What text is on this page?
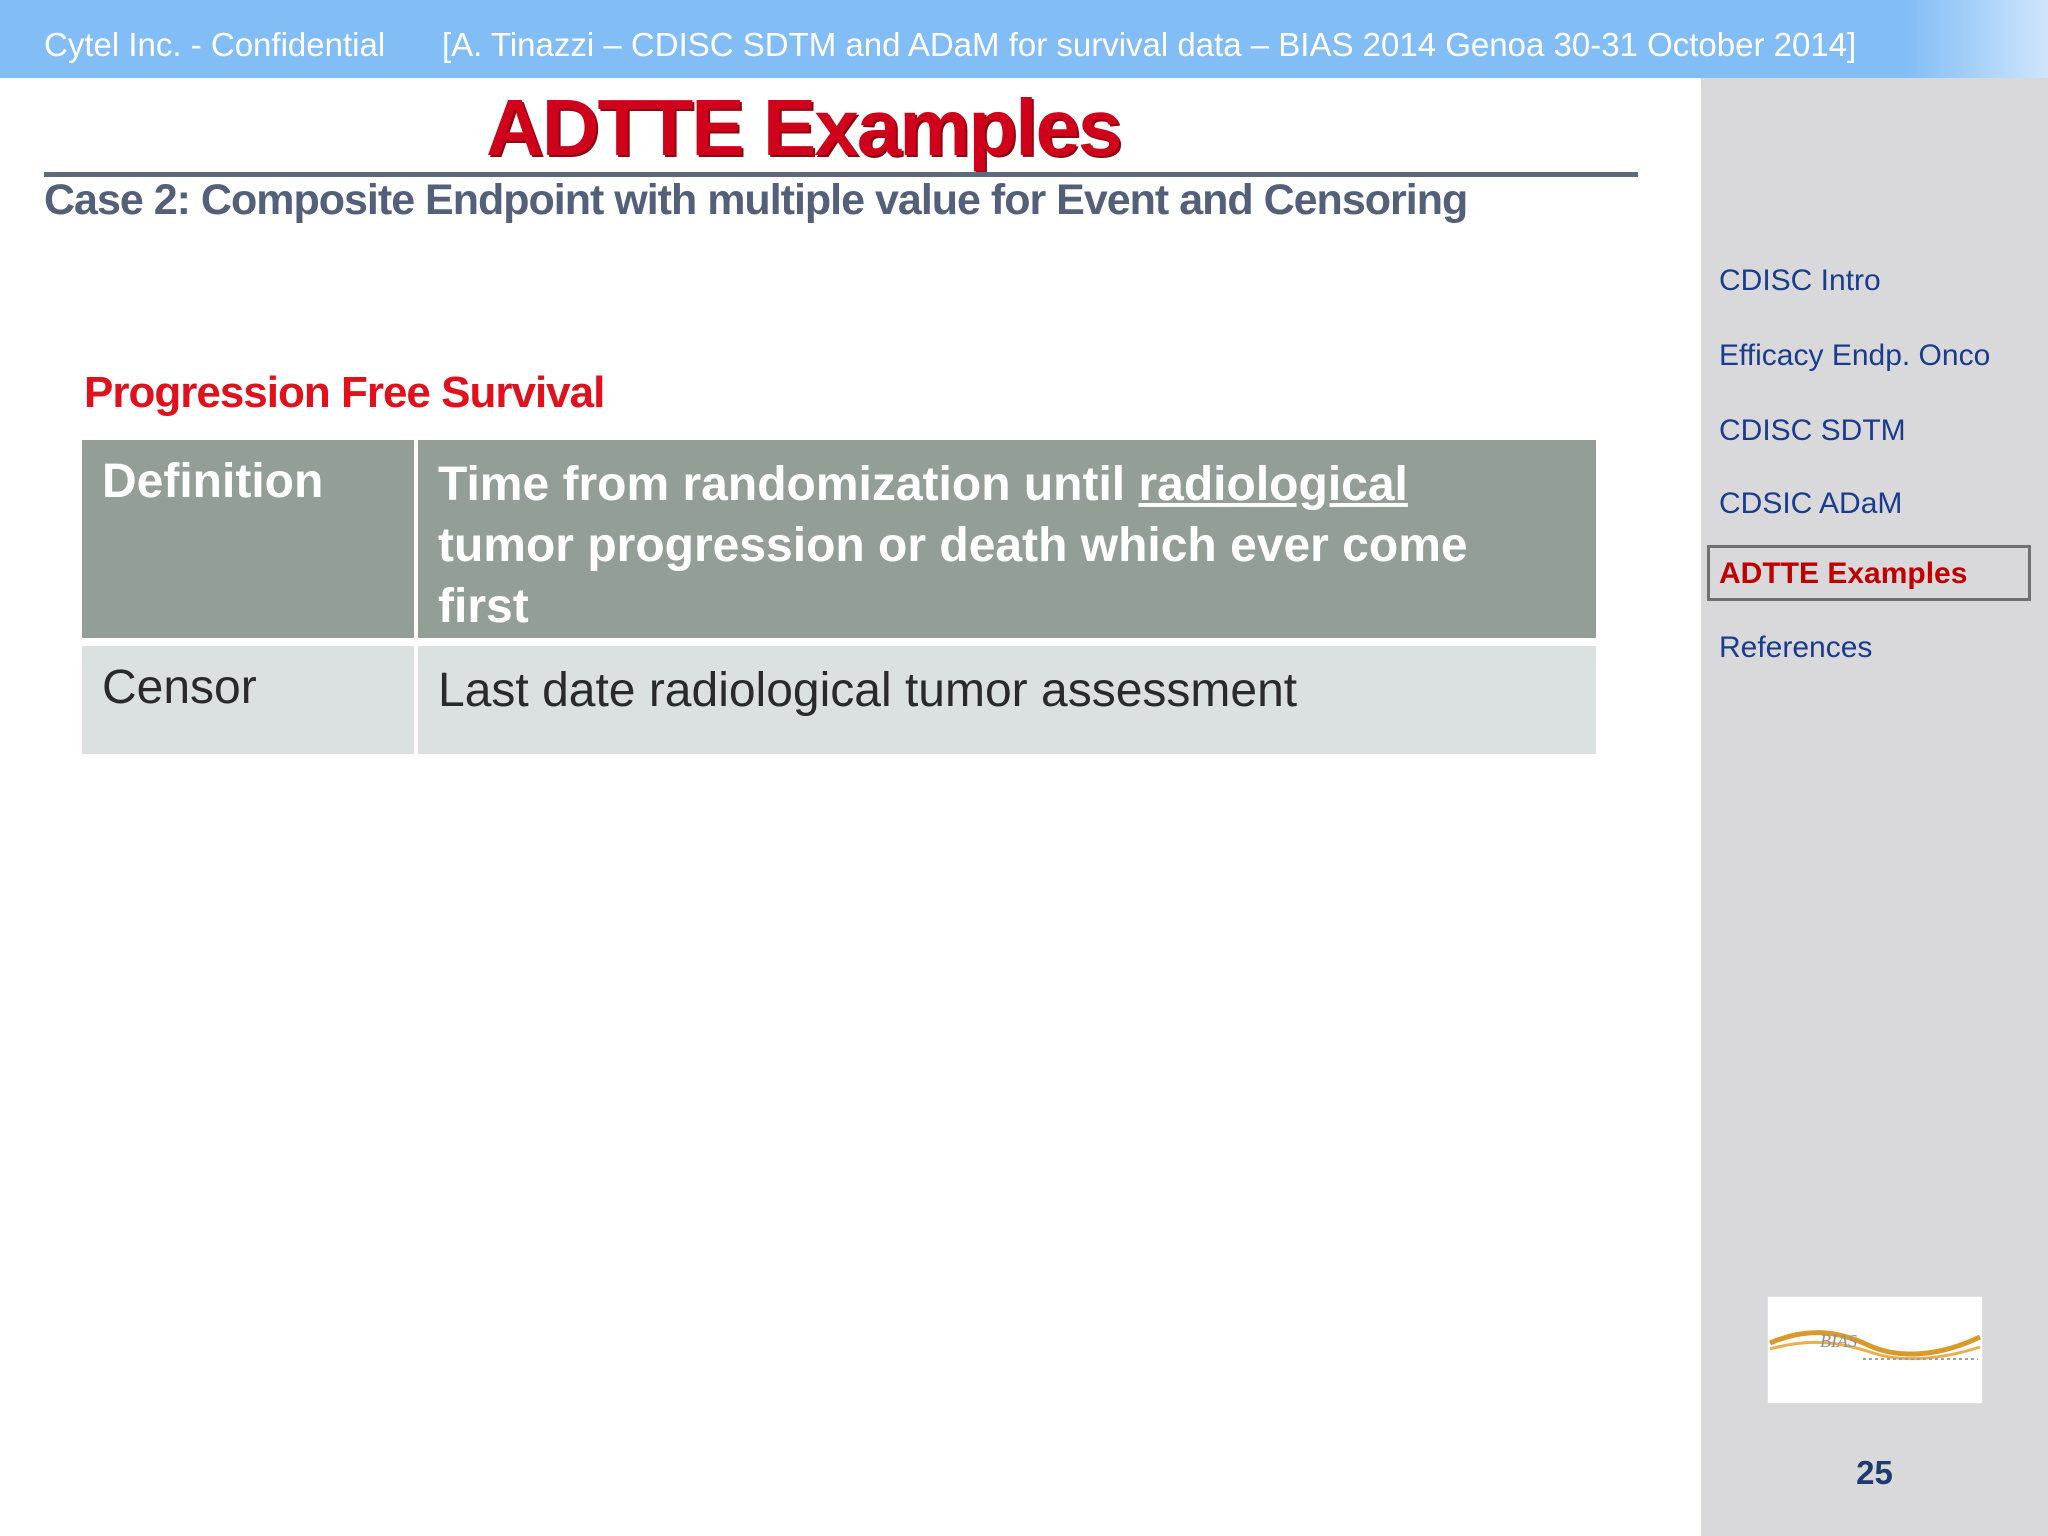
Cytel Inc. - Confidential [A. Tinazzi – CDISC SDTM and ADaM for survival data – BIAS 2014 Genoa 30-31 October 2014]
ADTTE Examples
Case 2: Composite Endpoint with multiple value for Event and Censoring
Progression Free Survival
Definition	Time from randomization until radiological tumor progression or death which ever come first
Censor	Last date radiological tumor assessment
CDISC Intro
Efficacy Endp. Onco
CDISC SDTM
CDSIC ADaM
ADTTE Examples
References
BIAS
25
